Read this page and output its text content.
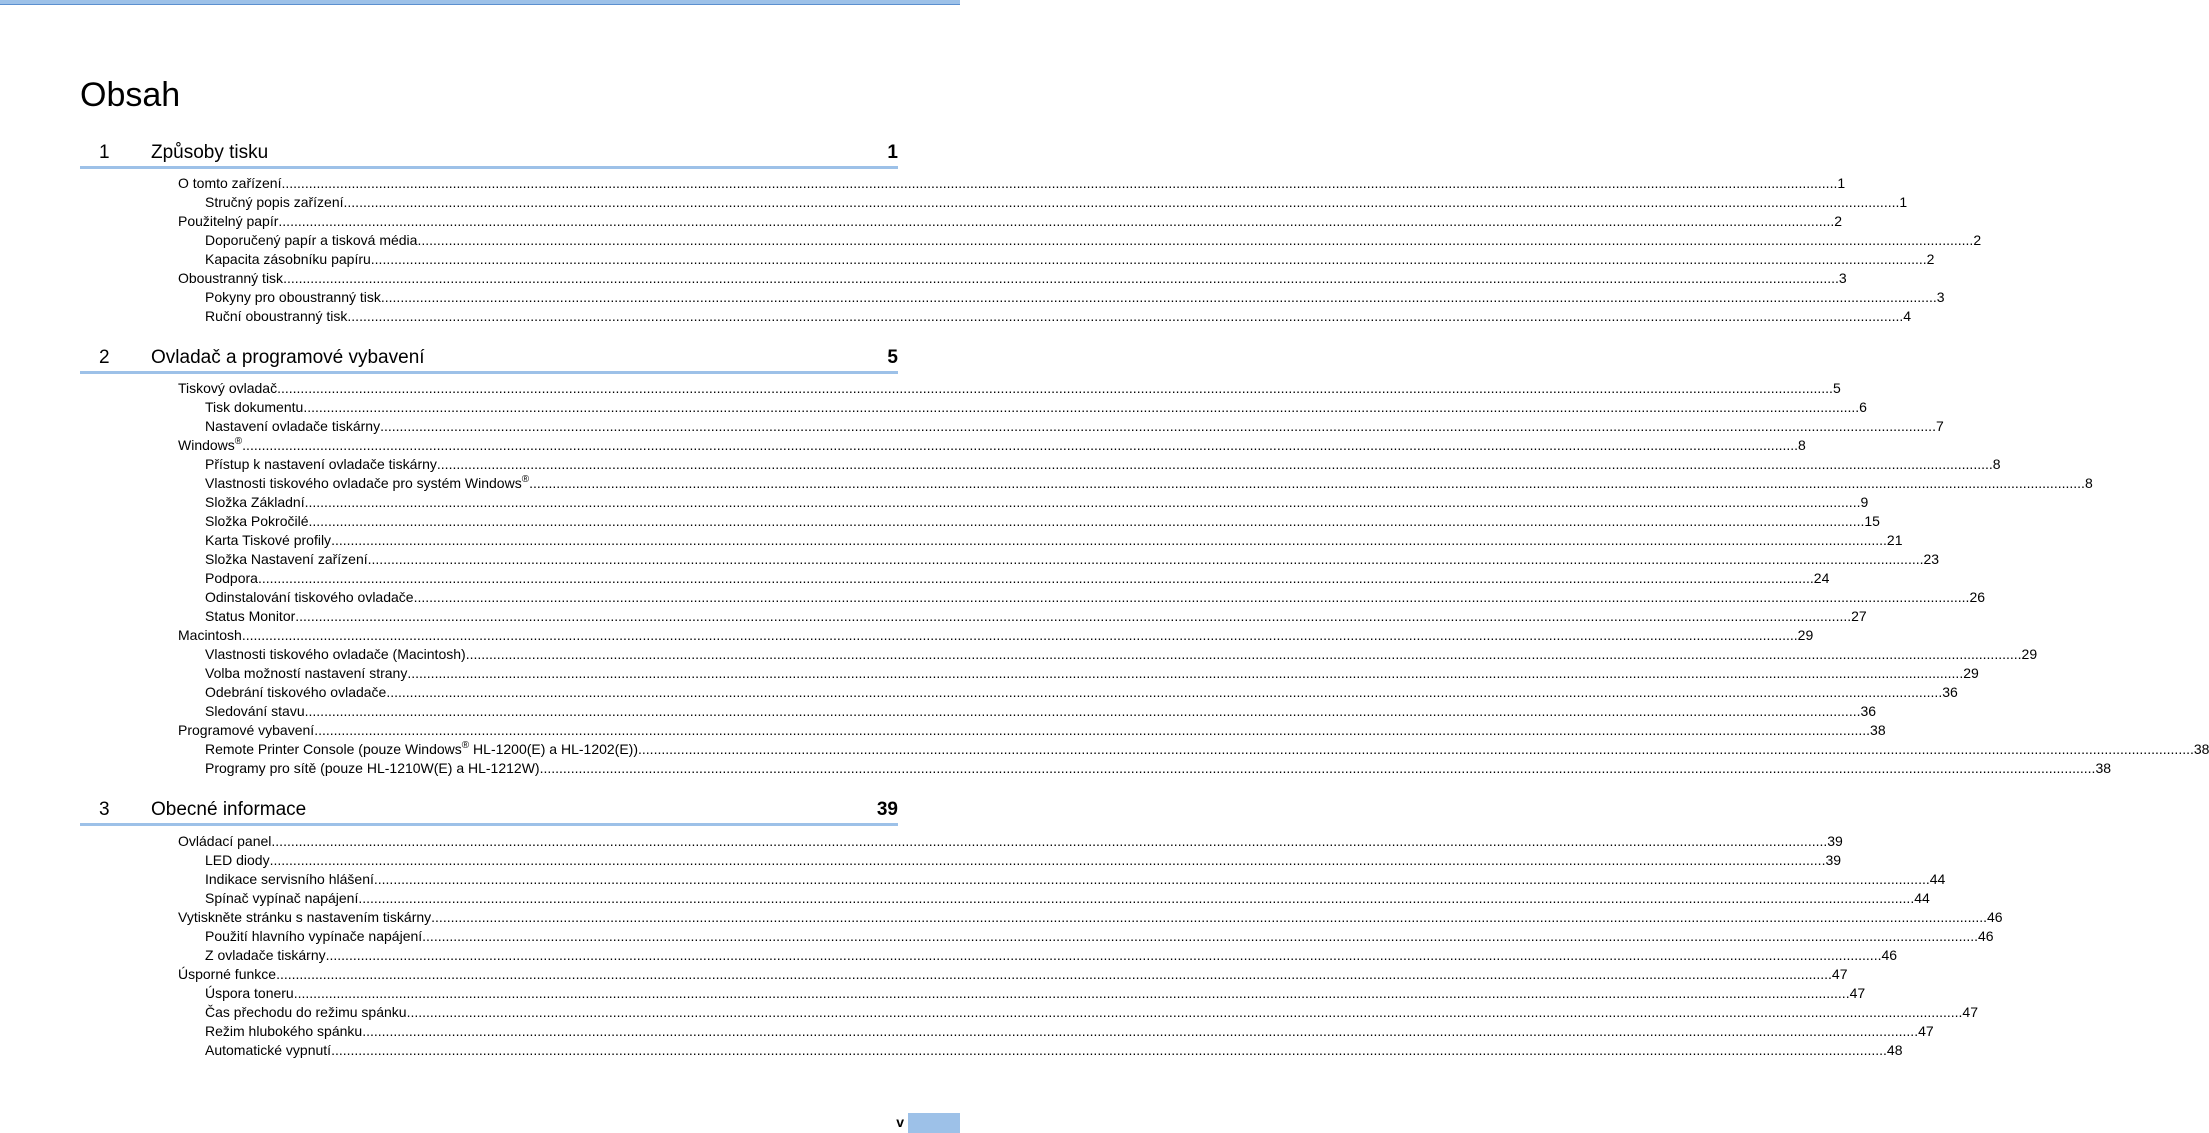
Obsah
1 Způsoby tisku	1
O tomto zařízení ................................................................................................................................................................................................................................................................................................................................................................................................................ 1
Stručný popis zařízení ................................................................................................................................................................................................................................................................................................................................................................................................................ 1
Použitelný papír ................................................................................................................................................................................................................................................................................................................................................................................................................ 2
Doporučený papír a tisková média ................................................................................................................................................................................................................................................................................................................................................................................................................ 2
Kapacita zásobníku papíru ................................................................................................................................................................................................................................................................................................................................................................................................................ 2
Oboustranný tisk ................................................................................................................................................................................................................................................................................................................................................................................................................ 3
Pokyny pro oboustranný tisk ................................................................................................................................................................................................................................................................................................................................................................................................................ 3
Ruční oboustranný tisk ................................................................................................................................................................................................................................................................................................................................................................................................................ 4
2 Ovladač a programové vybavení	5
Tiskový ovladač ................................................................................................................................................................................................................................................................................................................................................................................................................ 5
Tisk dokumentu ................................................................................................................................................................................................................................................................................................................................................................................................................ 6
Nastavení ovladače tiskárny ................................................................................................................................................................................................................................................................................................................................................................................................................ 7
Windows® ................................................................................................................................................................................................................................................................................................................................................................................................................ 8
Přístup k nastavení ovladače tiskárny ................................................................................................................................................................................................................................................................................................................................................................................................................ 8
Vlastnosti tiskového ovladače pro systém Windows® ................................................................................................................................................................................................................................................................................................................................................................................................................ 8
Složka Základní ................................................................................................................................................................................................................................................................................................................................................................................................................ 9
Složka Pokročilé ................................................................................................................................................................................................................................................................................................................................................................................................................ 15
Karta Tiskové profily ................................................................................................................................................................................................................................................................................................................................................................................................................ 21
Složka Nastavení zařízení ................................................................................................................................................................................................................................................................................................................................................................................................................ 23
Podpora ................................................................................................................................................................................................................................................................................................................................................................................................................ 24
Odinstalování tiskového ovladače ................................................................................................................................................................................................................................................................................................................................................................................................................ 26
Status Monitor ................................................................................................................................................................................................................................................................................................................................................................................................................ 27
Macintosh ................................................................................................................................................................................................................................................................................................................................................................................................................ 29
Vlastnosti tiskového ovladače (Macintosh) ................................................................................................................................................................................................................................................................................................................................................................................................................ 29
Volba možností nastavení strany ................................................................................................................................................................................................................................................................................................................................................................................................................ 29
Odebrání tiskového ovladače ................................................................................................................................................................................................................................................................................................................................................................................................................ 36
Sledování stavu ................................................................................................................................................................................................................................................................................................................................................................................................................ 36
Programové vybavení ................................................................................................................................................................................................................................................................................................................................................................................................................ 38
Remote Printer Console (pouze Windows® HL-1200(E) a HL-1202(E)) ................................................................................................................................................................................................................................................................................................................................................................................................................ 38
Programy pro sítě (pouze HL-1210W(E) a HL-1212W) ................................................................................................................................................................................................................................................................................................................................................................................................................ 38
3 Obecné informace	39
Ovládací panel ................................................................................................................................................................................................................................................................................................................................................................................................................ 39
LED diody ................................................................................................................................................................................................................................................................................................................................................................................................................ 39
Indikace servisního hlášení ................................................................................................................................................................................................................................................................................................................................................................................................................ 44
Spínač vypínač napájení ................................................................................................................................................................................................................................................................................................................................................................................................................ 44
Vytiskněte stránku s nastavením tiskárny ................................................................................................................................................................................................................................................................................................................................................................................................................ 46
Použití hlavního vypínače napájení ................................................................................................................................................................................................................................................................................................................................................................................................................ 46
Z ovladače tiskárny ................................................................................................................................................................................................................................................................................................................................................................................................................ 46
Úsporné funkce ................................................................................................................................................................................................................................................................................................................................................................................................................ 47
Úspora toneru ................................................................................................................................................................................................................................................................................................................................................................................................................ 47
Čas přechodu do režimu spánku ................................................................................................................................................................................................................................................................................................................................................................................................................ 47
Režim hlubokého spánku ................................................................................................................................................................................................................................................................................................................................................................................................................ 47
Automatické vypnutí ................................................................................................................................................................................................................................................................................................................................................................................................................ 48
v
